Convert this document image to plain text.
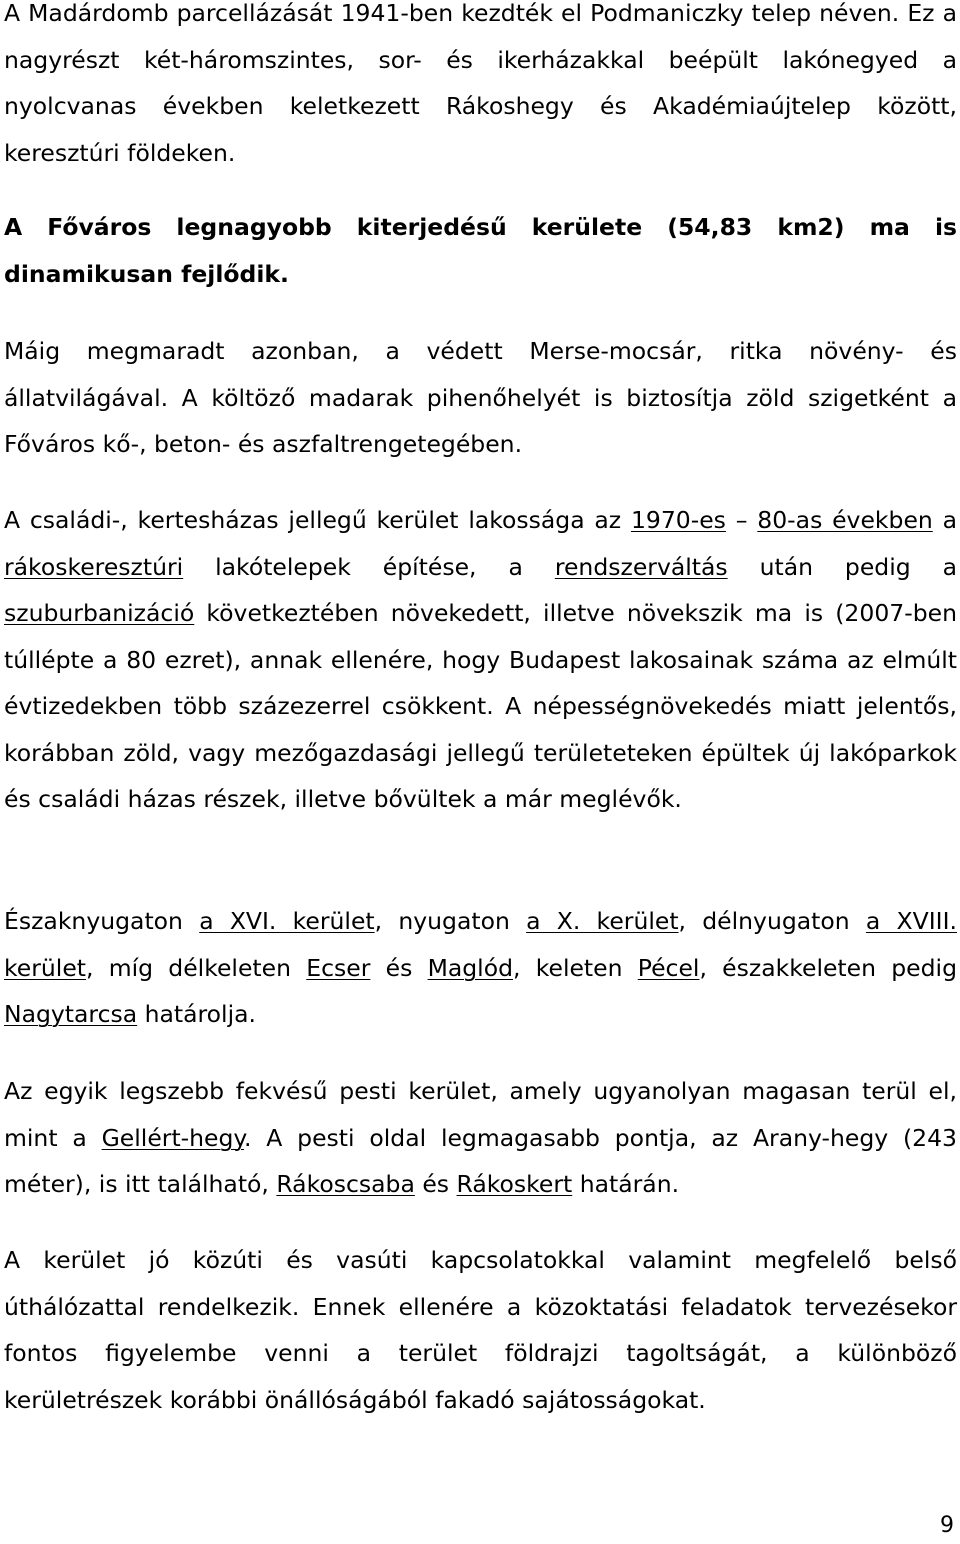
A Madárdomb parcellázását 1941-ben kezdték el Podmaniczky telep néven. Ez a nagyrészt két-háromszintes, sor- és ikerházakkal beépült lakónegyed a nyolcvanas években keletkezett Rákoshegy és Akadémiaújtelep között, keresztúri földeken.

A Főváros legnagyobb kiterjedésű kerülete (54,83 km2) ma is dinamikusan fejlődik.

Máig megmaradt azonban, a védett Merse-mocsár, ritka növény- és állatvilágával. A költöző madarak pihenőhelyét is biztosítja zöld szigetként a Főváros kő-, beton- és aszfaltrengetegében.

A családi-, kertesházas jellegű kerület lakossága az 1970-es – 80-as években a rákoskeresztúri lakótelepek építése, a rendszerváltás után pedig a szuburbanizáció következtében növekedett, illetve növekszik ma is (2007-ben túllépte a 80 ezret), annak ellenére, hogy Budapest lakosainak száma az elmúlt évtizedekben több százezerrel csökkent. A népességnövekedés miatt jelentős, korábban zöld, vagy mezőgazdasági jellegű területeteken épültek új lakóparkok és családi házas részek, illetve bővültek a már meglévők.

Északnyugaton a XVI. kerület, nyugaton a X. kerület, délnyugaton a XVIII. kerület, míg délkeleten Ecser és Maglód, keleten Pécel, északkeleten pedig Nagytarcsa határolja.

Az egyik legszebb fekvésű pesti kerület, amely ugyanolyan magasan terül el, mint a Gellért-hegy. A pesti oldal legmagasabb pontja, az Arany-hegy (243 méter), is itt található, Rákoscsaba és Rákoskert határán.

A kerület jó közúti és vasúti kapcsolatokkal valamint megfelelő belső úthálózattal rendelkezik. Ennek ellenére a közoktatási feladatok tervezésekor fontos figyelembe venni a terület földrajzi tagoltságát, a különböző kerületrészek korábbi önállóságából fakadó sajátosságokat.

9
